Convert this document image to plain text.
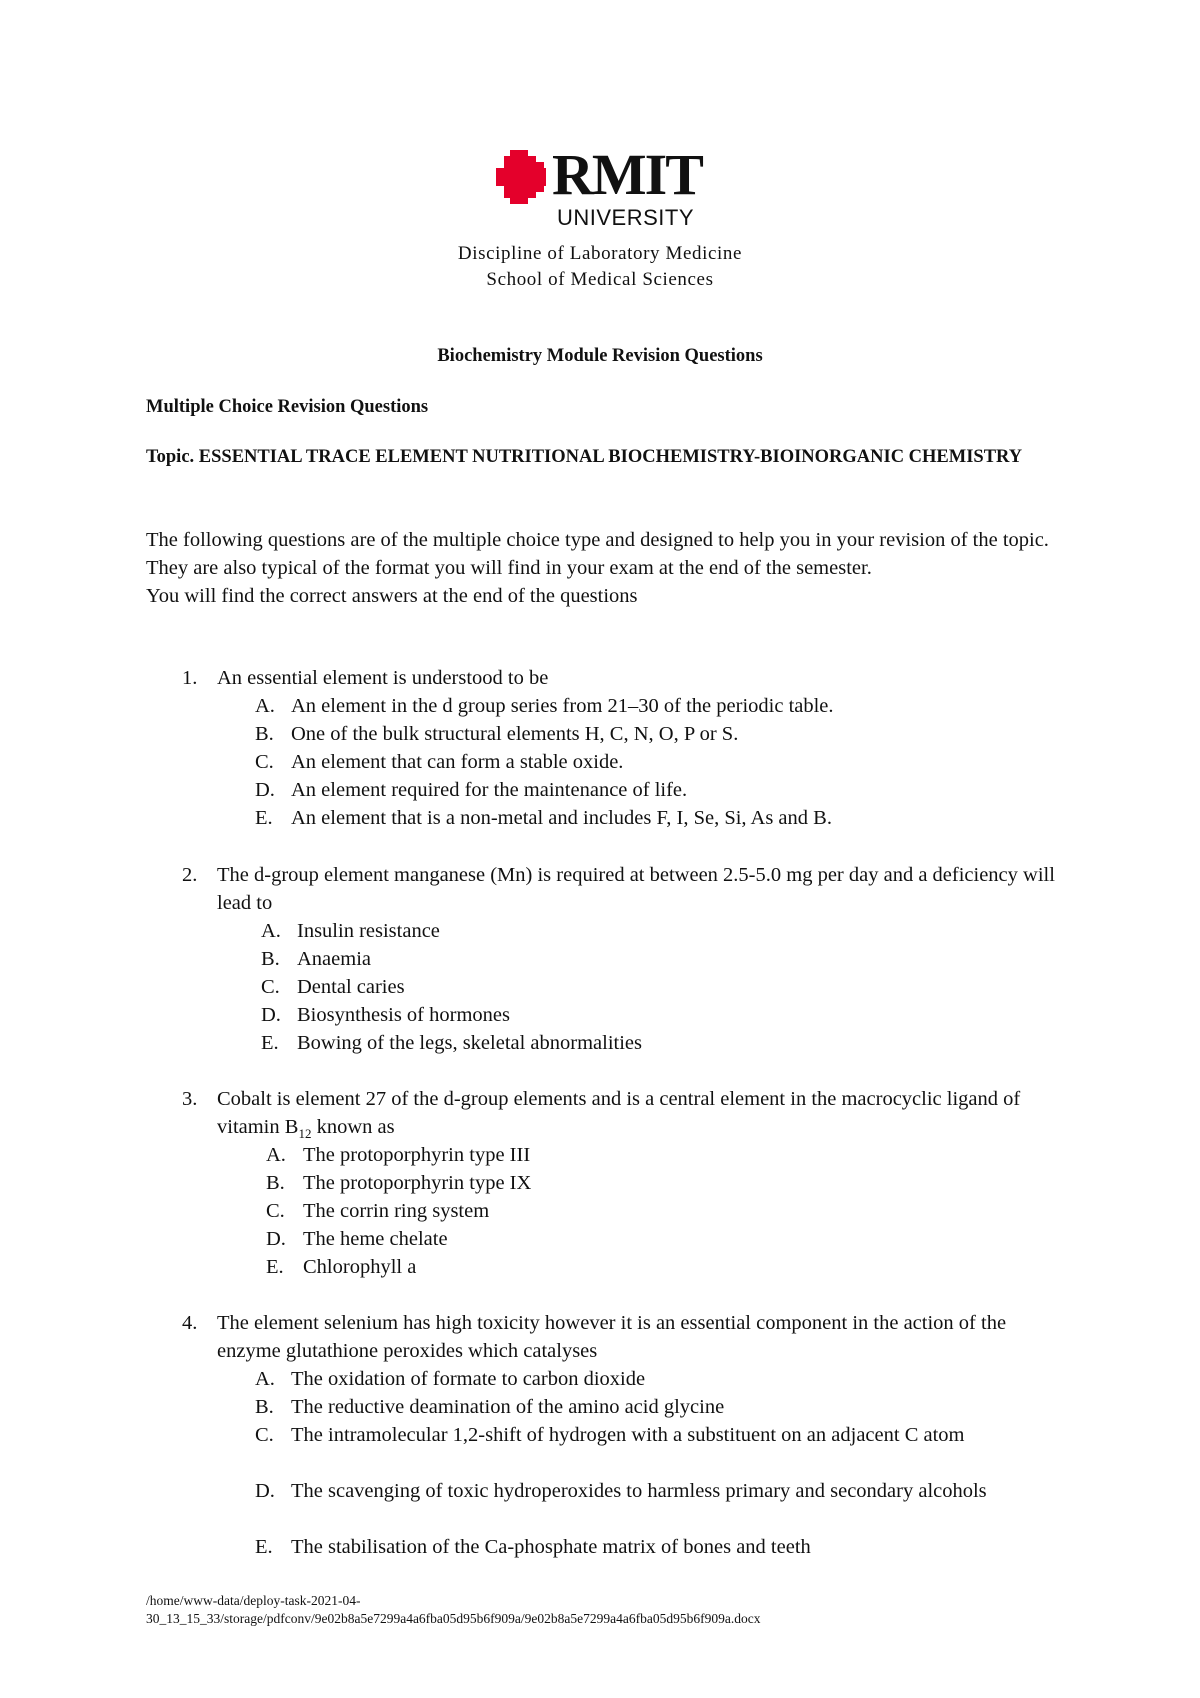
RMIT
UNIVERSITY
Discipline of Laboratory Medicine
School of Medical Sciences
Biochemistry Module Revision Questions
Multiple Choice Revision Questions
Topic. ESSENTIAL TRACE ELEMENT NUTRITIONAL BIOCHEMISTRY-BIOINORGANIC CHEMISTRY

The following questions are of the multiple choice type and designed to help you in your revision of the topic.

They are also typical of the format you will find in your exam at the end of the semester.

You will find the correct answers at the end of the questions

1. An essential element is understood to be
A. An element in the d group series from 21–30 of the periodic table.
B. One of the bulk structural elements H, C, N, O, P or S.
C. An element that can form a stable oxide.
D. An element required for the maintenance of life.
E. An element that is a non-metal and includes F, I, Se, Si, As and B.
2. The d-group element manganese (Mn) is required at between 2.5-5.0 mg per day and a deficiency will lead to
A. Insulin resistance
B. Anaemia
C. Dental caries
D. Biosynthesis of hormones
E. Bowing of the legs, skeletal abnormalities
3. Cobalt is element 27 of the d-group elements and is a central element in the macrocyclic ligand of vitamin $B_{12}$ known as
A. The protoporphyrin type III
B. The protoporphyrin type IX
C. The corrin ring system
D. The heme chelate
E. Chlorophyll a
4. The element selenium has high toxicity however it is an essential component in the action of the enzyme glutathione peroxides which catalyses
A. The oxidation of formate to carbon dioxide
B. The reductive deamination of the amino acid glycine
C. The intramolecular 1,2-shift of hydrogen with a substituent on an adjacent C atom
D. The scavenging of toxic hydroperoxides to harmless primary and secondary alcohols
E. The stabilisation of the Ca-phosphate matrix of bones and teeth
/home/www-data/deploy-task-2021-04-
30_13_15_33/storage/pdfconv/9e02b8a5e7299a4a6fba05d95b6f909a/9e02b8a5e7299a4a6fba05d95b6f909a.docx
